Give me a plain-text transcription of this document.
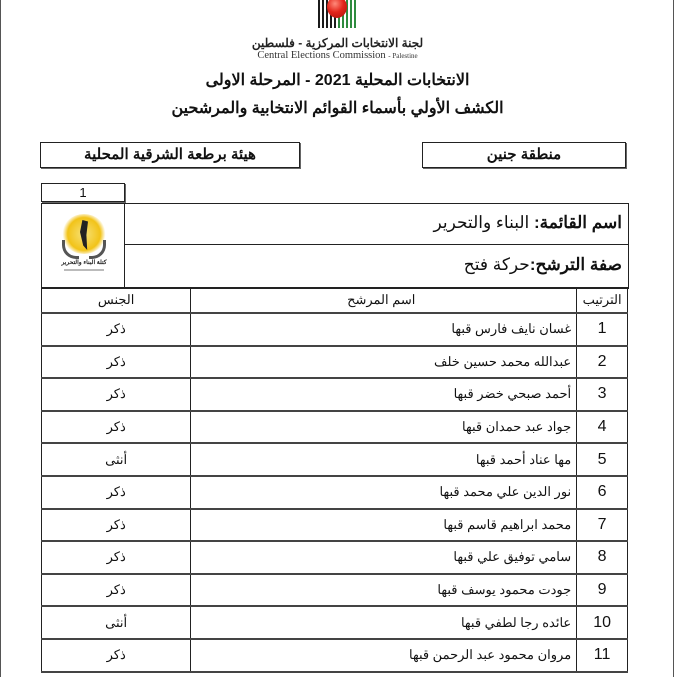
لجنة الانتخابات المركزية - فلسطين
Central Elections Commission - Palestine
الانتخابات المحلية 2021 - المرحلة الاولى
الكشف الأولي بأسماء القوائم الانتخابية والمرشحين
هيئة برطعة الشرقية المحلية	منطقة جنين
1
كتلة البناء والتحرير
اسم القائمة: البناء والتحرير
صفة الترشح:حركة فتح
الترتيب	اسم المرشح	الجنس
1	غسان نايف فارس قبها	ذكر
2	عبدالله محمد حسين خلف	ذكر
3	أحمد صبحي خضر قبها	ذكر
4	جواد عبد حمدان قبها	ذكر
5	مها عناد أحمد قبها	أنثى
6	نور الدين علي محمد قبها	ذكر
7	محمد ابراهيم قاسم قبها	ذكر
8	سامي توفيق علي قبها	ذكر
9	جودت محمود يوسف قبها	ذكر
10	عائده رجا لطفي قبها	أنثى
11	مروان محمود عبد الرحمن قبها	ذكر
